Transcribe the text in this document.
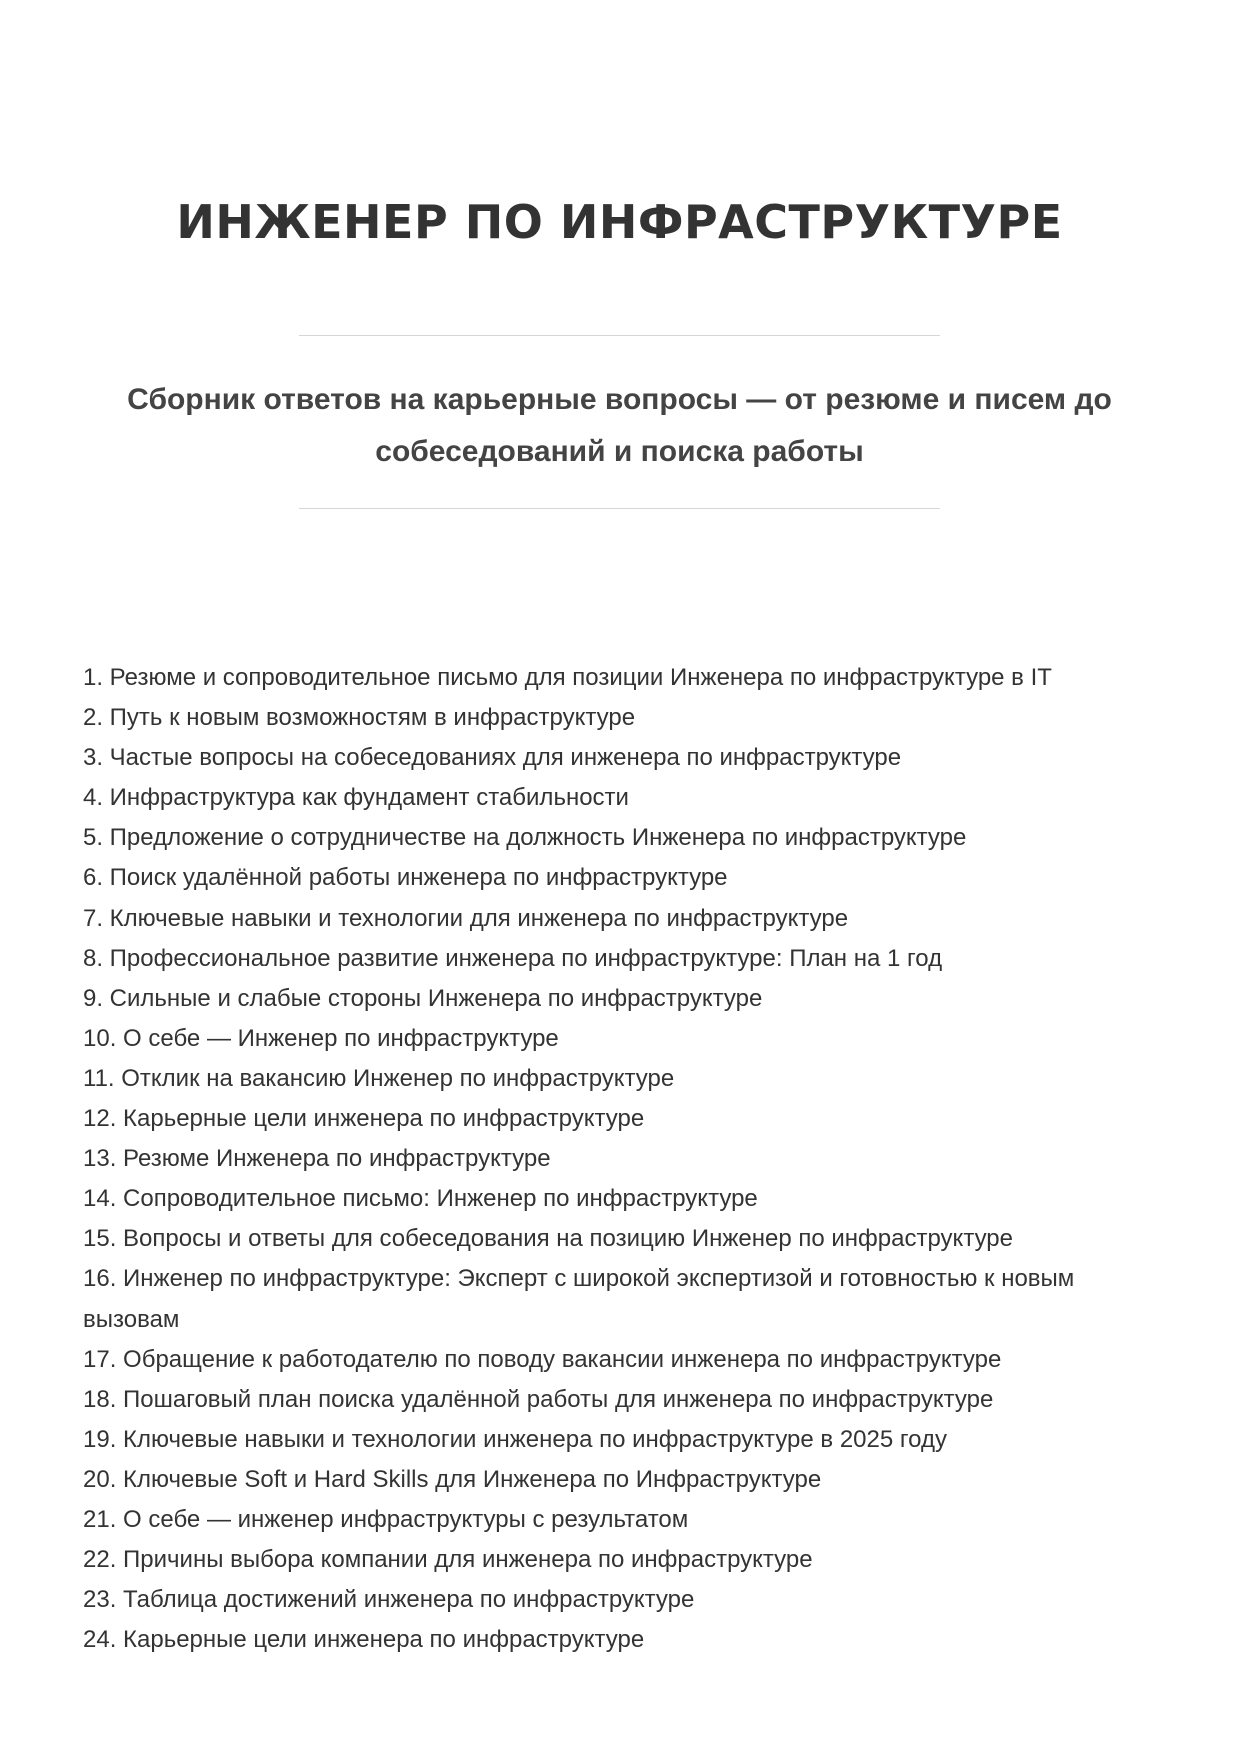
ИНЖЕНЕР ПО ИНФРАСТРУКТУРЕ

Сборник ответов на карьерные вопросы — от резюме и писем до собеседований и поиска работы

1. Резюме и сопроводительное письмо для позиции Инженера по инфраструктуре в IT
2. Путь к новым возможностям в инфраструктуре
3. Частые вопросы на собеседованиях для инженера по инфраструктуре
4. Инфраструктура как фундамент стабильности
5. Предложение о сотрудничестве на должность Инженера по инфраструктуре
6. Поиск удалённой работы инженера по инфраструктуре
7. Ключевые навыки и технологии для инженера по инфраструктуре
8. Профессиональное развитие инженера по инфраструктуре: План на 1 год
9. Сильные и слабые стороны Инженера по инфраструктуре
10. О себе — Инженер по инфраструктуре
11. Отклик на вакансию Инженер по инфраструктуре
12. Карьерные цели инженера по инфраструктуре
13. Резюме Инженера по инфраструктуре
14. Сопроводительное письмо: Инженер по инфраструктуре
15. Вопросы и ответы для собеседования на позицию Инженер по инфраструктуре
16. Инженер по инфраструктуре: Эксперт с широкой экспертизой и готовностью к новым вызовам
17. Обращение к работодателю по поводу вакансии инженера по инфраструктуре
18. Пошаговый план поиска удалённой работы для инженера по инфраструктуре
19. Ключевые навыки и технологии инженера по инфраструктуре в 2025 году
20. Ключевые Soft и Hard Skills для Инженера по Инфраструктуре
21. О себе — инженер инфраструктуры с результатом
22. Причины выбора компании для инженера по инфраструктуре
23. Таблица достижений инженера по инфраструктуре
24. Карьерные цели инженера по инфраструктуре
